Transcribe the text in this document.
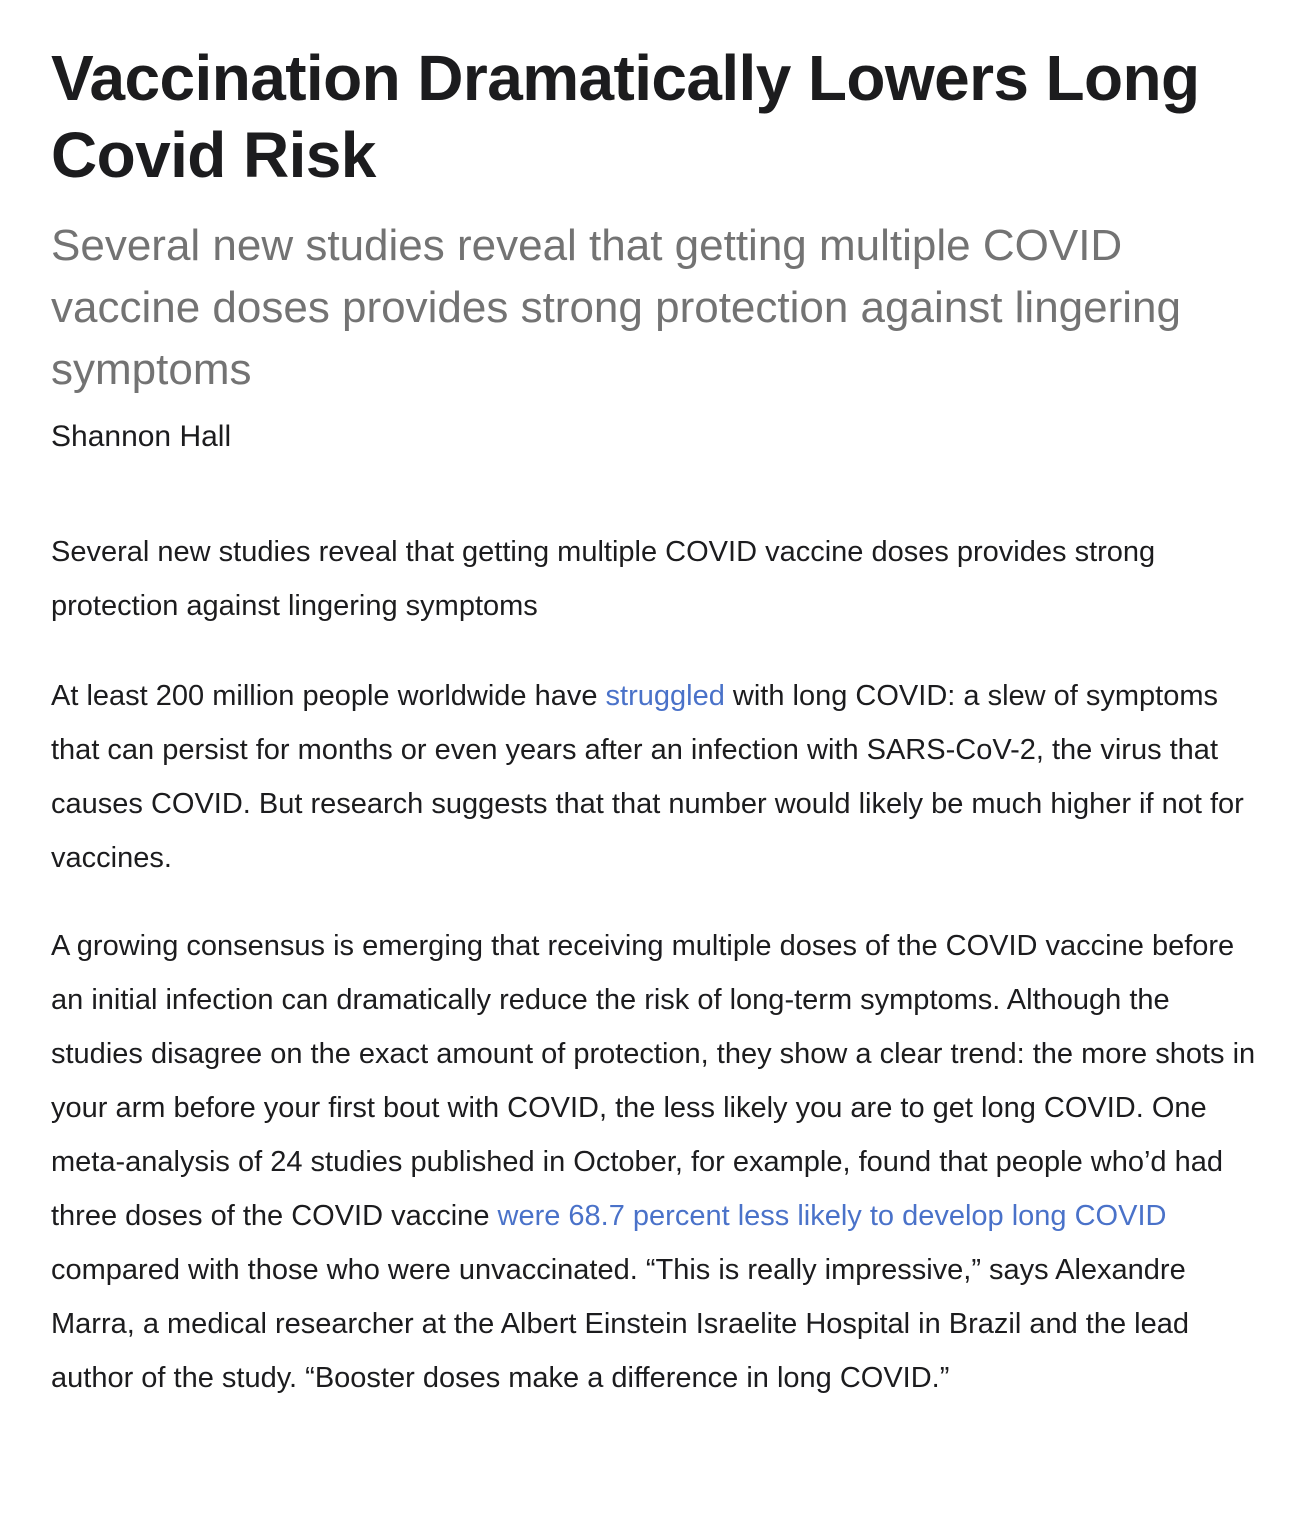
Vaccination Dramatically Lowers Long Covid Risk
Several new studies reveal that getting multiple COVID vaccine doses provides strong protection against lingering symptoms
Shannon Hall

Several new studies reveal that getting multiple COVID vaccine doses provides strong protection against lingering symptoms

At least 200 million people worldwide have struggled with long COVID: a slew of symptoms that can persist for months or even years after an infection with SARS-CoV-2, the virus that causes COVID. But research suggests that that number would likely be much higher if not for vaccines.

A growing consensus is emerging that receiving multiple doses of the COVID vaccine before an initial infection can dramatically reduce the risk of long-term symptoms. Although the studies disagree on the exact amount of protection, they show a clear trend: the more shots in your arm before your first bout with COVID, the less likely you are to get long COVID. One meta-analysis of 24 studies published in October, for example, found that people who’d had three doses of the COVID vaccine were 68.7 percent less likely to develop long COVID compared with those who were unvaccinated. “This is really impressive,” says Alexandre Marra, a medical researcher at the Albert Einstein Israelite Hospital in Brazil and the lead author of the study. “Booster doses make a difference in long COVID.”
